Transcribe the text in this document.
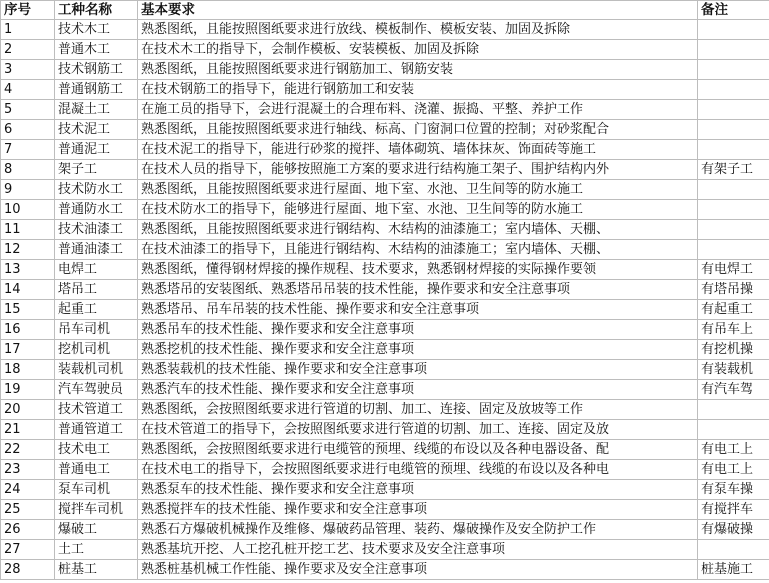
序号	工种名称	基本要求	备注
1	技术木工	熟悉图纸，且能按照图纸要求进行放线、模板制作、模板安装、加固及拆除	
2	普通木工	在技术木工的指导下，会制作模板、安装模板、加固及拆除	
3	技术钢筋工	熟悉图纸，且能按照图纸要求进行钢筋加工、钢筋安装	
4	普通钢筋工	在技术钢筋工的指导下，能进行钢筋加工和安装	
5	混凝土工	在施工员的指导下，会进行混凝土的合理布料、浇灌、振捣、平整、养护工作	
6	技术泥工	熟悉图纸，且能按照图纸要求进行轴线、标高、门窗洞口位置的控制；对砂浆配合	
7	普通泥工	在技术泥工的指导下，能进行砂浆的搅拌、墙体砌筑、墙体抹灰、饰面砖等施工	
8	架子工	在技术人员的指导下，能够按照施工方案的要求进行结构施工架子、围护结构内外	有架子工
9	技术防水工	熟悉图纸，且能按照图纸要求进行屋面、地下室、水池、卫生间等的防水施工	
10	普通防水工	在技术防水工的指导下，能够进行屋面、地下室、水池、卫生间等的防水施工	
11	技术油漆工	熟悉图纸，且能按照图纸要求进行钢结构、木结构的油漆施工；室内墙体、天棚、	
12	普通油漆工	在技术油漆工的指导下，且能进行钢结构、木结构的油漆施工；室内墙体、天棚、	
13	电焊工	熟悉图纸，懂得钢材焊接的操作规程、技术要求，熟悉钢材焊接的实际操作要领	有电焊工
14	塔吊工	熟悉塔吊的安装图纸、熟悉塔吊吊装的技术性能，操作要求和安全注意事项	有塔吊操
15	起重工	熟悉塔吊、吊车吊装的技术性能、操作要求和安全注意事项	有起重工
16	吊车司机	熟悉吊车的技术性能、操作要求和安全注意事项	有吊车上
17	挖机司机	熟悉挖机的技术性能、操作要求和安全注意事项	有挖机操
18	装载机司机	熟悉装载机的技术性能、操作要求和安全注意事项	有装载机
19	汽车驾驶员	熟悉汽车的技术性能、操作要求和安全注意事项	有汽车驾
20	技术管道工	熟悉图纸，会按照图纸要求进行管道的切割、加工、连接、固定及放坡等工作	
21	普通管道工	在技术管道工的指导下，会按照图纸要求进行管道的切割、加工、连接、固定及放	
22	技术电工	熟悉图纸，会按照图纸要求进行电缆管的预埋、线缆的布设以及各种电器设备、配	有电工上
23	普通电工	在技术电工的指导下，会按照图纸要求进行电缆管的预埋、线缆的布设以及各种电	有电工上
24	泵车司机	熟悉泵车的技术性能、操作要求和安全注意事项	有泵车操
25	搅拌车司机	熟悉搅拌车的技术性能、操作要求和安全注意事项	有搅拌车
26	爆破工	熟悉石方爆破机械操作及维修、爆破药品管理、装药、爆破操作及安全防护工作	有爆破操
27	土工	熟悉基坑开挖、人工挖孔桩开挖工艺、技术要求及安全注意事项	
28	桩基工	熟悉桩基机械工作性能、操作要求及安全注意事项	桩基施工
